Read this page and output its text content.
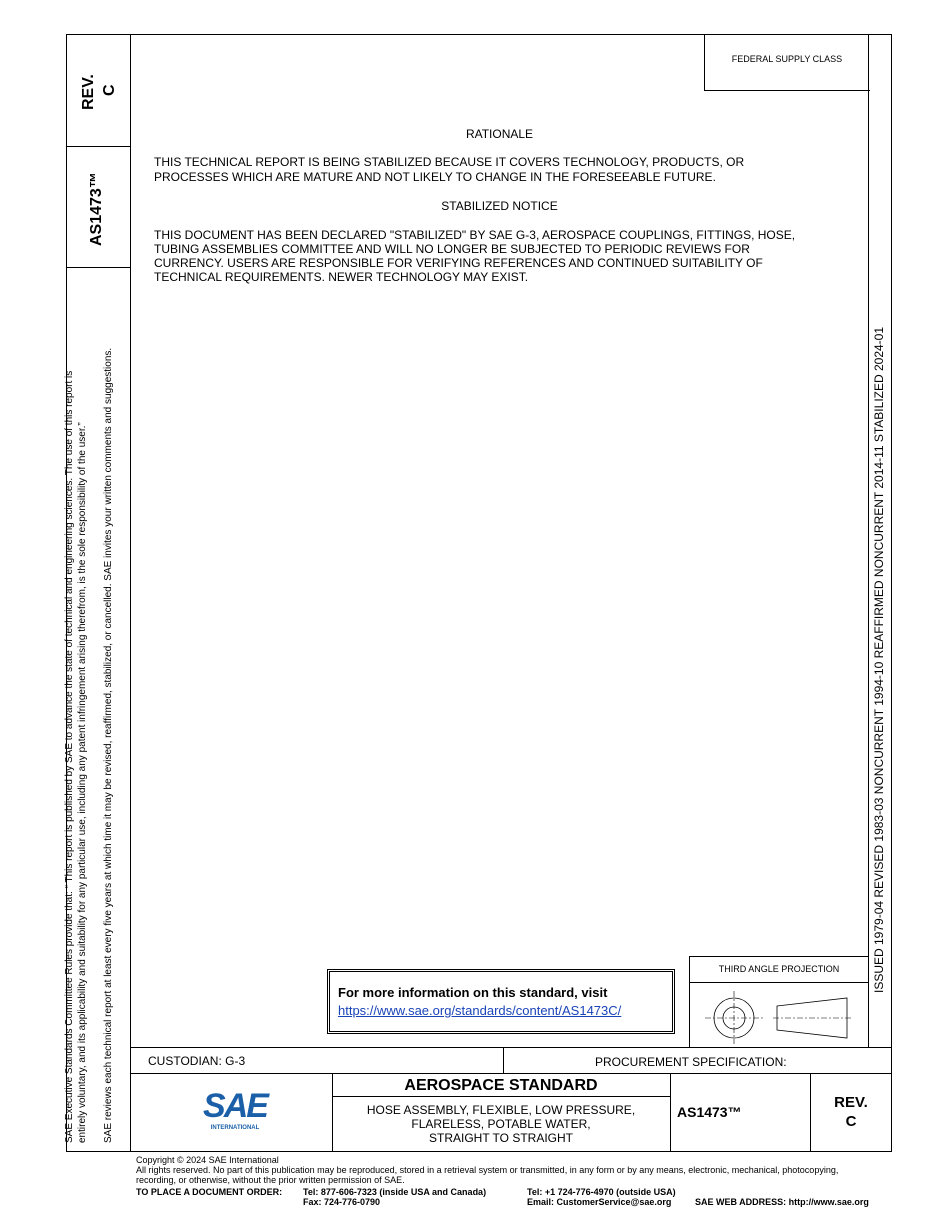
REV. C
AS1473™
SAE Executive Standards Committee Rules provide that: “ This report is published by SAE to advance the state of technical and engineering sciences. The use of this report is entirely voluntary, and its applicability and suitability for any particular use, including any patent infringement arising therefrom, is the sole responsibility of the user.” SAE reviews each technical report at least every five years at which time it may be revised, reaffirmed, stabilized, or cancelled. SAE invites your written comments and suggestions.	ISSUED 1979-04 REVISED 1983-03 NONCURRENT 1994-10 REAFFIRMED NONCURRENT 2014-11 STABILIZED 2024-01
FEDERAL SUPPLY CLASS
RATIONALE
THIS TECHNICAL REPORT IS BEING STABILIZED BECAUSE IT COVERS TECHNOLOGY, PRODUCTS, OR
PROCESSES WHICH ARE MATURE AND NOT LIKELY TO CHANGE IN THE FORESEEABLE FUTURE.
STABILIZED NOTICE
THIS DOCUMENT HAS BEEN DECLARED "STABILIZED" BY SAE G-3, AEROSPACE COUPLINGS, FITTINGS, HOSE,
TUBING ASSEMBLIES COMMITTEE AND WILL NO LONGER BE SUBJECTED TO PERIODIC REVIEWS FOR
CURRENCY. USERS ARE RESPONSIBLE FOR VERIFYING REFERENCES AND CONTINUED SUITABILITY OF
TECHNICAL REQUIREMENTS. NEWER TECHNOLOGY MAY EXIST.
For more information on this standard, visit
https://www.sae.org/standards/content/AS1473C/
THIRD ANGLE PROJECTION
CUSTODIAN: G-3	PROCUREMENT SPECIFICATION:
SAE
INTERNATIONAL
AEROSPACE STANDARD
HOSE ASSEMBLY, FLEXIBLE, LOW PRESSURE,
FLARELESS, POTABLE WATER,
STRAIGHT TO STRAIGHT
AS1473™
REV.
C
Copyright © 2024 SAE International
All rights reserved. No part of this publication may be reproduced, stored in a retrieval system or transmitted, in any form or by any means, electronic, mechanical, photocopying,
recording, or otherwise, without the prior written permission of SAE.
TO PLACE A DOCUMENT ORDER: Tel: 877-606-7323 (inside USA and Canada)
Fax: 724-776-0790
Tel: +1 724-776-4970 (outside USA)
Email: CustomerService@sae.org	SAE WEB ADDRESS: http://www.sae.org
